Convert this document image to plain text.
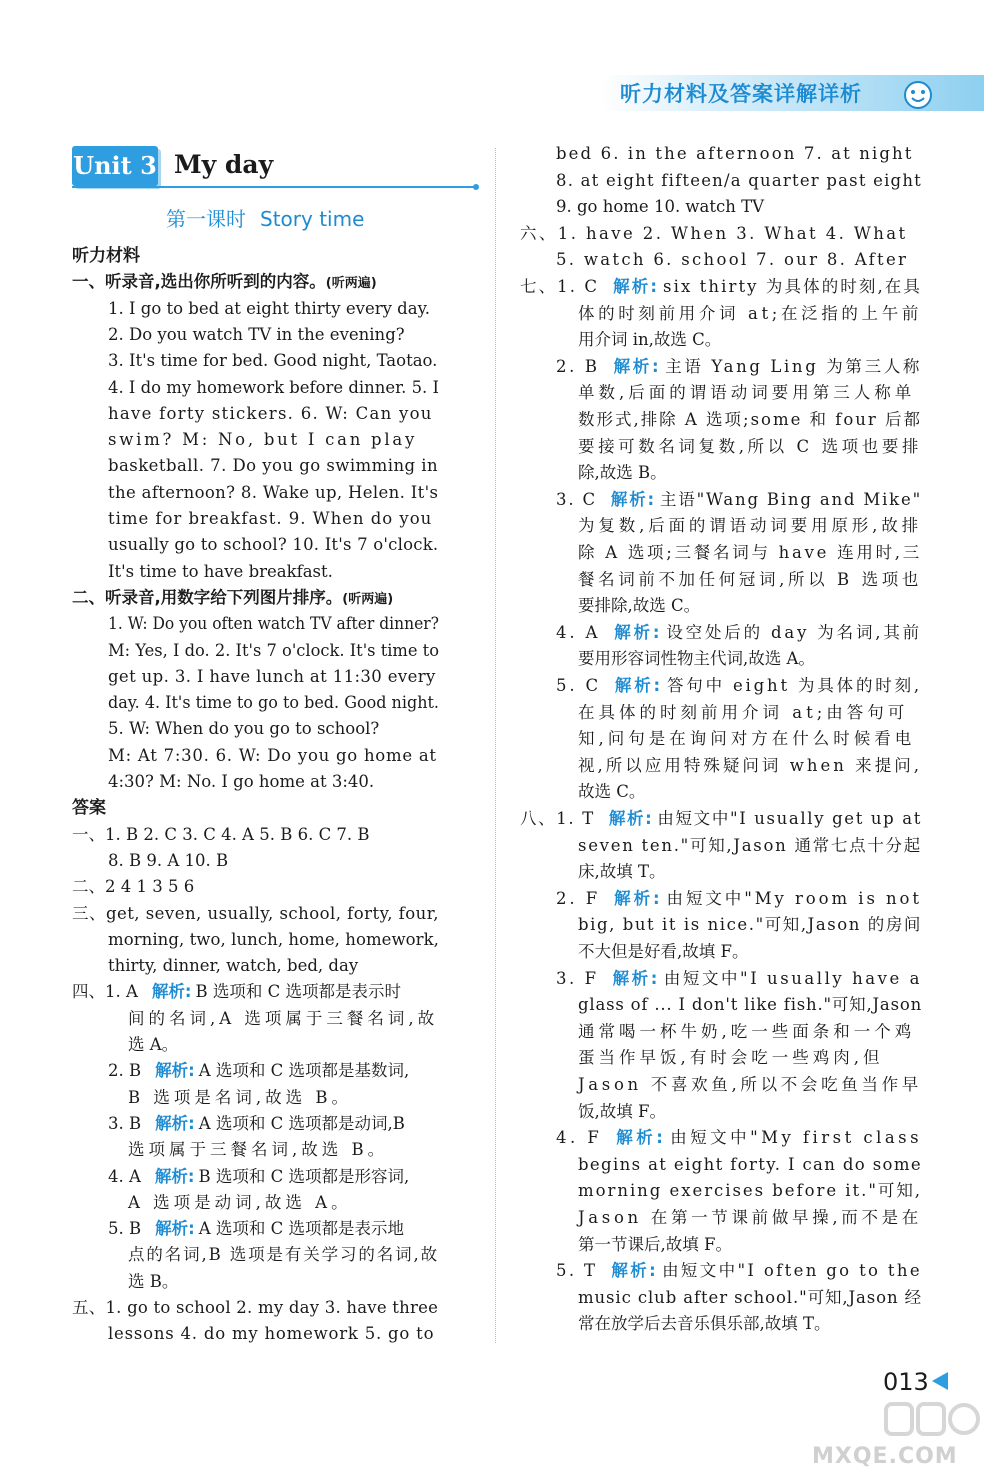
听力材料及答案详解详析
Unit 3 My day
第一课时 Story time
听力材料
一、听录音,选出你所听到的内容。(听两遍)
1. I go to bed at eight thirty every day.
2. Do you watch TV in the evening?
3. It's time for bed. Good night, Taotao.
4. I do my homework before dinner. 5. I
have forty stickers. 6. W: Can you
swim? M: No, but I can play
basketball. 7. Do you go swimming in
the afternoon? 8. Wake up, Helen. It's
time for breakfast. 9. When do you
usually go to school? 10. It's 7 o'clock.
It's time to have breakfast.
二、听录音,用数字给下列图片排序。(听两遍)
1. W: Do you often watch TV after dinner?
M: Yes, I do. 2. It's 7 o'clock. It's time to
get up. 3. I have lunch at 11:30 every
day. 4. It's time to go to bed. Good night.
5. W: When do you go to school?
M: At 7:30. 6. W: Do you go home at
4:30? M: No. I go home at 3:40.
答案
一、1. B 2. C 3. C 4. A 5. B 6. C 7. B
8. B 9. A 10. B
二、2 4 1 3 5 6
三、get, seven, usually, school, forty, four,
morning, two, lunch, home, homework,
thirty, dinner, watch, bed, day
四、1. A 解析: B 选项和 C 选项都是表示时
间的名词,A 选项属于三餐名词,故
选 A。
2. B 解析: A 选项和 C 选项都是基数词,
B 选项是名词,故选 B。
3. B 解析: A 选项和 C 选项都是动词,B
选项属于三餐名词,故选 B。
4. A 解析: B 选项和 C 选项都是形容词,
A 选项是动词,故选 A。
5. B 解析: A 选项和 C 选项都是表示地
点的名词,B 选项是有关学习的名词,故
选 B。
五、1. go to school 2. my day 3. have three
lessons 4. do my homework 5. go to
bed 6. in the afternoon 7. at night
8. at eight fifteen/a quarter past eight
9. go home 10. watch TV
六、1. have 2. When 3. What 4. What
5. watch 6. school 7. our 8. After
七、1. C 解析: six thirty 为具体的时刻,在具
体的时刻前用介词 at;在泛指的上午前
用介词 in,故选 C。
2. B 解析: 主语 Yang Ling 为第三人称
单数,后面的谓语动词要用第三人称单
数形式,排除 A 选项;some 和 four 后都
要接可数名词复数,所以 C 选项也要排
除,故选 B。
3. C 解析: 主语"Wang Bing and Mike"
为复数,后面的谓语动词要用原形,故排
除 A 选项;三餐名词与 have 连用时,三
餐名词前不加任何冠词,所以 B 选项也
要排除,故选 C。
4. A 解析: 设空处后的 day 为名词,其前
要用形容词性物主代词,故选 A。
5. C 解析: 答句中 eight 为具体的时刻,
在具体的时刻前用介词 at;由答句可
知,问句是在询问对方在什么时候看电
视,所以应用特殊疑问词 when 来提问,
故选 C。
八、1. T 解析: 由短文中"I usually get up at
seven ten."可知,Jason 通常七点十分起
床,故填 T。
2. F 解析: 由短文中"My room is not
big, but it is nice."可知,Jason 的房间
不大但是好看,故填 F。
3. F 解析: 由短文中"I usually have a
glass of ... I don't like fish."可知,Jason
通常喝一杯牛奶,吃一些面条和一个鸡
蛋当作早饭,有时会吃一些鸡肉,但
Jason 不喜欢鱼,所以不会吃鱼当作早
饭,故填 F。
4. F 解析: 由短文中"My first class
begins at eight forty. I can do some
morning exercises before it."可知,
Jason 在第一节课前做早操,而不是在
第一节课后,故填 F。
5. T 解析: 由短文中"I often go to the
music club after school."可知,Jason 经
常在放学后去音乐俱乐部,故填 T。
013
MXQE.COM
